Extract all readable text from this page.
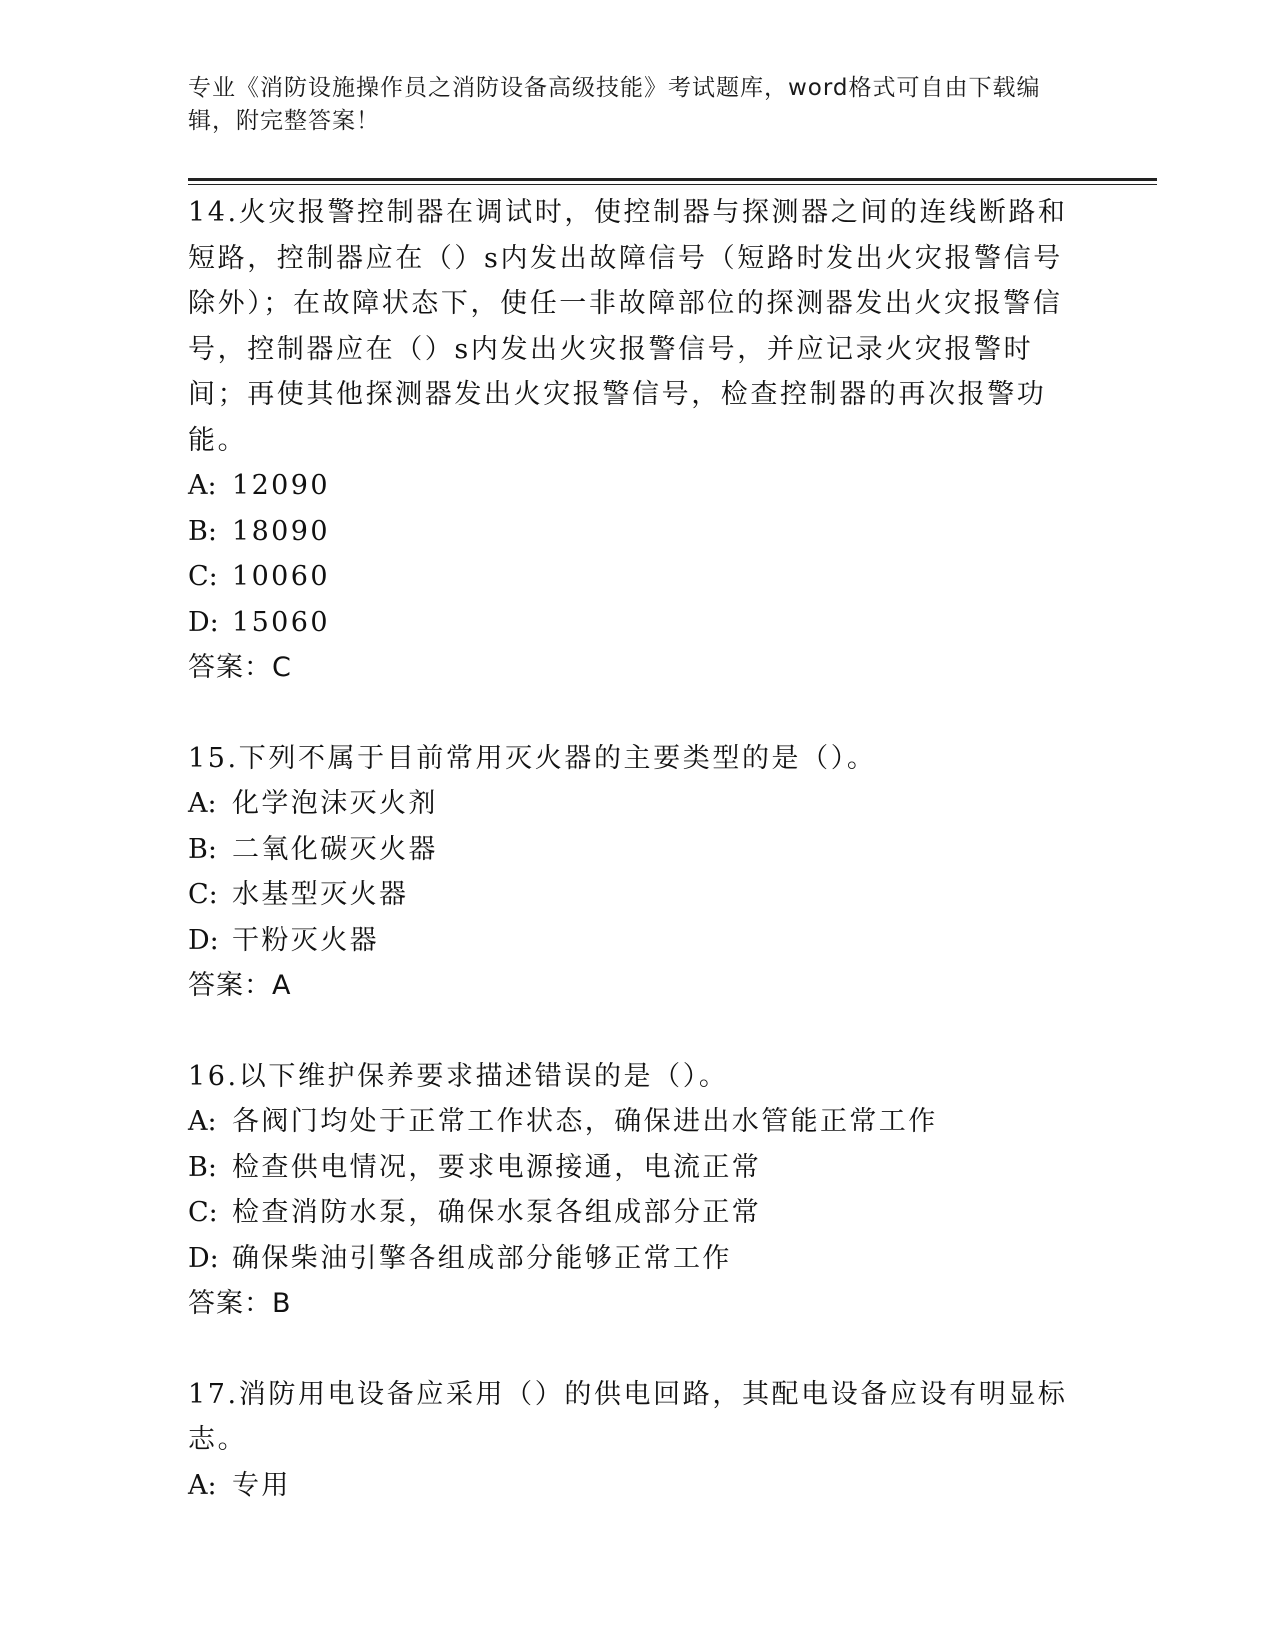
专业《消防设施操作员之消防设备高级技能》考试题库，word格式可自由下载编辑，附完整答案！

14.火灾报警控制器在调试时，使控制器与探测器之间的连线断路和短路，控制器应在（）s内发出故障信号（短路时发出火灾报警信号除外）；在故障状态下，使任一非故障部位的探测器发出火灾报警信号，控制器应在（）s内发出火灾报警信号，并应记录火灾报警时间；再使其他探测器发出火灾报警信号，检查控制器的再次报警功能。

A: 12090

B: 18090

C: 10060

D: 15060

答案：C

15.下列不属于目前常用灭火器的主要类型的是（）。

A: 化学泡沫灭火剂

B: 二氧化碳灭火器

C: 水基型灭火器

D: 干粉灭火器

答案：A

16.以下维护保养要求描述错误的是（）。

A: 各阀门均处于正常工作状态，确保进出水管能正常工作

B: 检查供电情况，要求电源接通，电流正常

C: 检查消防水泵，确保水泵各组成部分正常

D: 确保柴油引擎各组成部分能够正常工作

答案：B

17.消防用电设备应采用（）的供电回路，其配电设备应设有明显标志。

A: 专用
